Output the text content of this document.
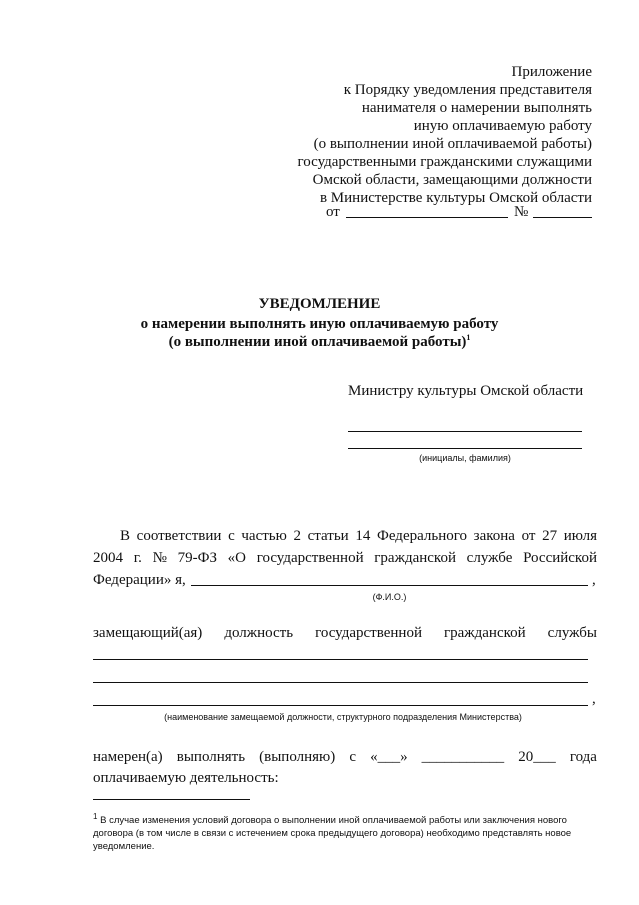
Приложение
к Порядку уведомления представителя
нанимателя о намерении выполнять
иную оплачиваемую работу
(о выполнении иной оплачиваемой работы)
государственными гражданскими служащими
Омской области, замещающими должности
в Министерстве культуры Омской области
от	№
УВЕДОМЛЕНИЕ
о намерении выполнять иную оплачиваемую работу
(о выполнении иной оплачиваемой работы)$^1$
Министру культуры Омской области
(инициалы, фамилия)
В соответствии с частью 2 статьи 14 Федерального закона от 27 июля
2004 г. № 79-ФЗ «О государственной гражданской службе Российской
Федерации» я,	,
(Ф.И.О.)
замещающий(ая) должность государственной гражданской службы
,
(наименование замещаемой должности, структурного подразделения Министерства)
намерен(а) выполнять (выполняю) с «___» ___________ 20___ года
оплачиваемую деятельность:
$^1$ В случае изменения условий договора о выполнении иной оплачиваемой работы или заключения нового договора (в том числе в связи с истечением срока предыдущего договора) необходимо представлять новое уведомление.
